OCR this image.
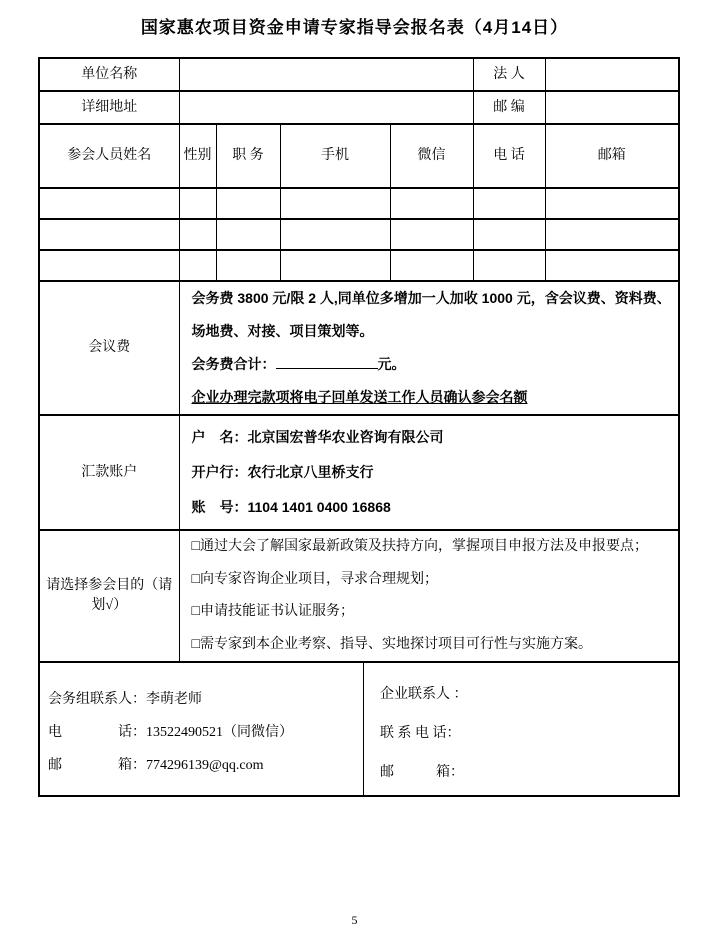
国家惠农项目资金申请专家指导会报名表（4月14日）
单位名称					法 人	
详细地址					邮 编	
参会人员姓名	性别	职 务	手机	微信	电 话	邮箱

会议费	会务费 3800 元/限 2 人,同单位多增加一人加收 1000 元，含会议费、资料费、场地费、对接、项目策划等。

会务费合计： 元。

企业办理完款项将电子回单发送工作人员确认参会名额					

汇款账户	户　名：北京国宏普华农业咨询有限公司

开户行：农行北京八里桥支行

账　号：1104 1401 0400 16868					

请选择参会目的（请划√）	□通过大会了解国家最新政策及扶持方向，掌握项目申报方法及申报要点；

□向专家咨询企业项目，寻求合理规划；

□申请技能证书认证服务；

□需专家到本企业考察、指导、实地探讨项目可行性与实施方案。					

会务组联系人：李萌老师

电　　　　话：13522490521（同微信）

邮　　　　箱：774296139@qq.com

企业联系人 ：

联 系 电 话：

邮　　　箱：

5
